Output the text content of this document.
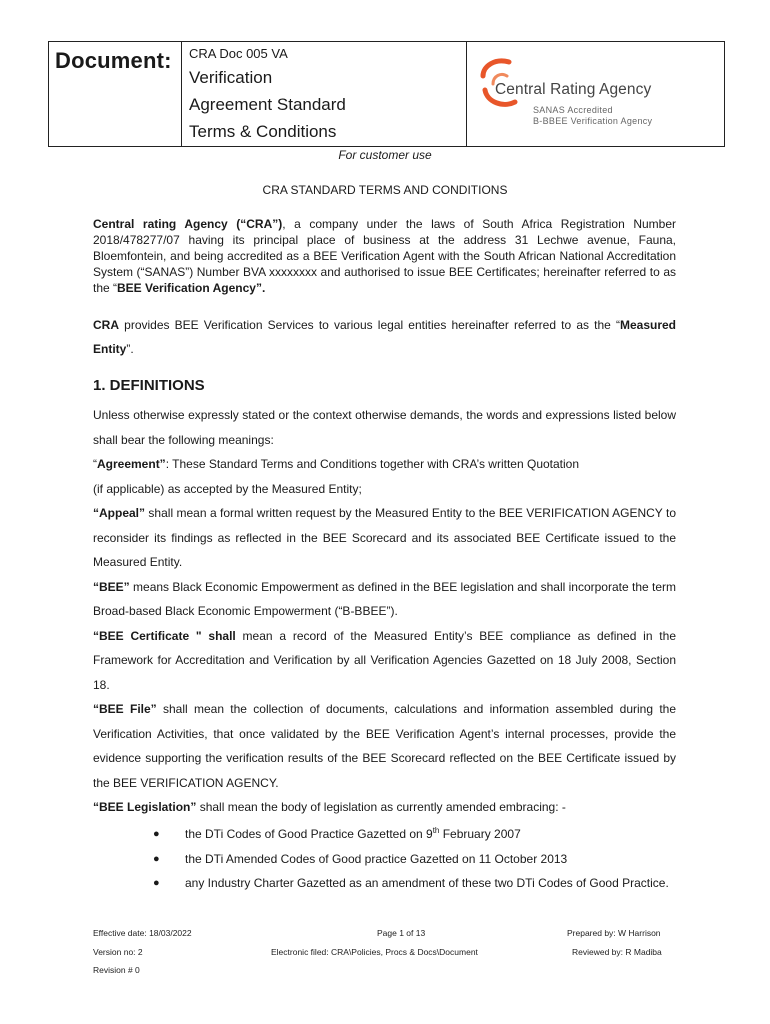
Document: CRA Doc 005 VA
Verification
Agreement Standard
Terms & Conditions
Central Rating Agency
SANAS Accredited
B-BBEE Verification Agency
For customer use
CRA STANDARD TERMS AND CONDITIONS
Central rating Agency (“CRA”), a company under the laws of South Africa Registration Number 2018/478277/07 having its principal place of business at the address 31 Lechwe avenue, Fauna, Bloemfontein, and being accredited as a BEE Verification Agent with the South African National Accreditation System (“SANAS”) Number BVA xxxxxxxx and authorised to issue BEE Certificates; hereinafter referred to as the “BEE Verification Agency”.
CRA provides BEE Verification Services to various legal entities hereinafter referred to as the “Measured Entity”.
1. DEFINITIONS

Unless otherwise expressly stated or the context otherwise demands, the words and expressions listed below shall bear the following meanings:

“Agreement”: These Standard Terms and Conditions together with CRA’s written Quotation

(if applicable) as accepted by the Measured Entity;

“Appeal” shall mean a formal written request by the Measured Entity to the BEE VERIFICATION AGENCY to reconsider its findings as reflected in the BEE Scorecard and its associated BEE Certificate issued to the Measured Entity.

“BEE” means Black Economic Empowerment as defined in the BEE legislation and shall incorporate the term Broad-based Black Economic Empowerment (“B-BBEE”).

“BEE Certificate " shall mean a record of the Measured Entity’s BEE compliance as defined in the Framework for Accreditation and Verification by all Verification Agencies Gazetted on 18 July 2008, Section 18.

“BEE File” shall mean the collection of documents, calculations and information assembled during the Verification Activities, that once validated by the BEE Verification Agent’s internal processes, provide the evidence supporting the verification results of the BEE Scorecard reflected on the BEE Certificate issued by the BEE VERIFICATION AGENCY.

“BEE Legislation” shall mean the body of legislation as currently amended embracing: -

● the DTi Codes of Good Practice Gazetted on 9th February 2007
● the DTi Amended Codes of Good practice Gazetted on 11 October 2013
● any Industry Charter Gazetted as an amendment of these two DTi Codes of Good Practice.
Effective date: 18/03/2022	Page 1 of 13	Prepared by: W Harrison
Version no: 2	Electronic filed: CRA\Policies, Procs & Docs\Document	Reviewed by: R Madiba
Revision # 0
